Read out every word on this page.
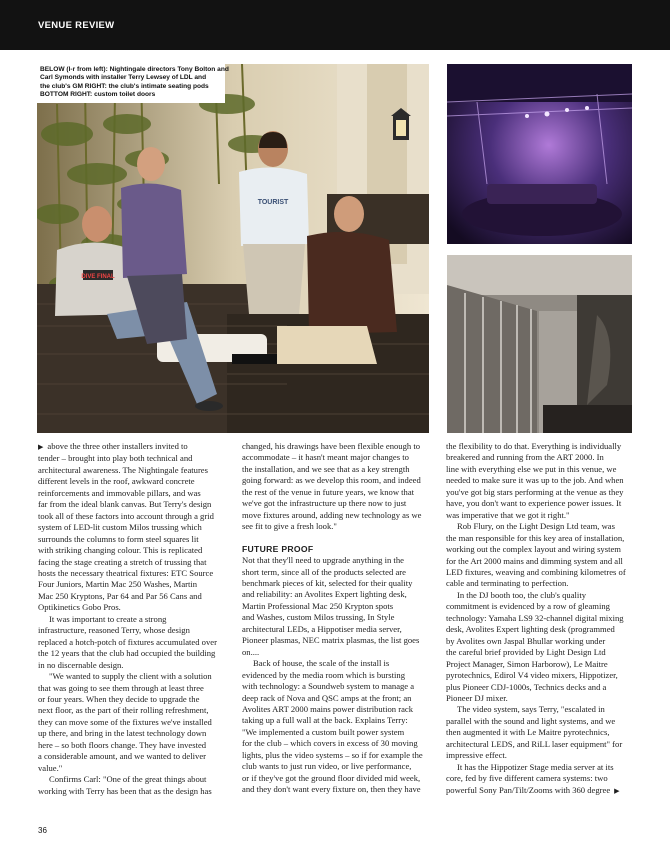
VENUE REVIEW
DIVE FINAL
TOURIST
BELOW (l-r from left): Nightingale directors Tony Bolton and
Carl Symonds with installer Terry Lewsey of LDL and
the club's GM RIGHT: the club's intimate seating pods
BOTTOM RIGHT: custom toilet doors

▶ above the three other installers invited to

tender – brought into play both technical and

architectural awareness. The Nightingale features

different levels in the roof, awkward concrete

reinforcements and immovable pillars, and was

far from the ideal blank canvas. But Terry's design

took all of these factors into account through a grid

system of LED-lit custom Milos trussing which

surrounds the columns to form steel squares lit

with striking changing colour. This is replicated

facing the stage creating a stretch of trussing that

hosts the necessary theatrical fixtures: ETC Source

Four Juniors, Martin Mac 250 Washes, Martin

Mac 250 Kryptons, Par 64 and Par 56 Cans and

Optikinetics Gobo Pros.

It was important to create a strong

infrastructure, reasoned Terry, whose design

replaced a hotch-potch of fixtures accumulated over

the 12 years that the club had occupied the building

in no discernable design.

"We wanted to supply the client with a solution

that was going to see them through at least three

or four years. When they decide to upgrade the

next floor, as the part of their rolling refreshment,

they can move some of the fixtures we've installed

up there, and bring in the latest technology down

here – so both floors change. They have invested

a considerable amount, and we wanted to deliver

value."

Confirms Carl: "One of the great things about

working with Terry has been that as the design has

changed, his drawings have been flexible enough to

accommodate – it hasn't meant major changes to

the installation, and we see that as a key strength

going forward: as we develop this room, and indeed

the rest of the venue in future years, we know that

we've got the infrastructure up there now to just

move fixtures around, adding new technology as we

see fit to give a fresh look."

FUTURE PROOF

Not that they'll need to upgrade anything in the

short term, since all of the products selected are

benchmark pieces of kit, selected for their quality

and reliability: an Avolites Expert lighting desk,

Martin Professional Mac 250 Krypton spots

and Washes, custom Milos trussing, In Style

architectural LEDs, a Hippotiser media server,

Pioneer plasmas, NEC matrix plasmas, the list goes

on....

Back of house, the scale of the install is

evidenced by the media room which is bursting

with technology: a Soundweb system to manage a

deep rack of Nova and QSC amps at the front; an

Avolites ART 2000 mains power distribution rack

taking up a full wall at the back. Explains Terry:

"We implemented a custom built power system

for the club – which covers in excess of 30 moving

lights, plus the video systems – so if for example the

club wants to just run video, or live performance,

or if they've got the ground floor divided mid week,

and they don't want every fixture on, then they have

the flexibility to do that. Everything is individually

breakered and running from the ART 2000. In

line with everything else we put in this venue, we

needed to make sure it was up to the job. And when

you've got big stars performing at the venue as they

have, you don't want to experience power issues. It

was imperative that we got it right."

Rob Flury, on the Light Design Ltd team, was

the man responsible for this key area of installation,

working out the complex layout and wiring system

for the Art 2000 mains and dimming system and all

LED fixtures, weaving and combining kilometres of

cable and terminating to perfection.

In the DJ booth too, the club's quality

commitment is evidenced by a row of gleaming

technology: Yamaha LS9 32-channel digital mixing

desk, Avolites Expert lighting desk (programmed

by Avolites own Jaspal Bhullar working under

the careful brief provided by Light Design Ltd

Project Manager, Simon Harborow), Le Maitre

pyrotechnics, Edirol V4 video mixers, Hippotizer,

plus Pioneer CDJ-1000s, Technics decks and a

Pioneer DJ mixer.

The video system, says Terry, "escalated in

parallel with the sound and light systems, and we

then augmented it with Le Maitre pyrotechnics,

architectural LEDS, and RiLL laser equipment" for

impressive effect.

It has the Hippotizer Stage media server at its

core, fed by five different camera systems: two

powerful Sony Pan/Tilt/Zooms with 360 degree ▶

36
